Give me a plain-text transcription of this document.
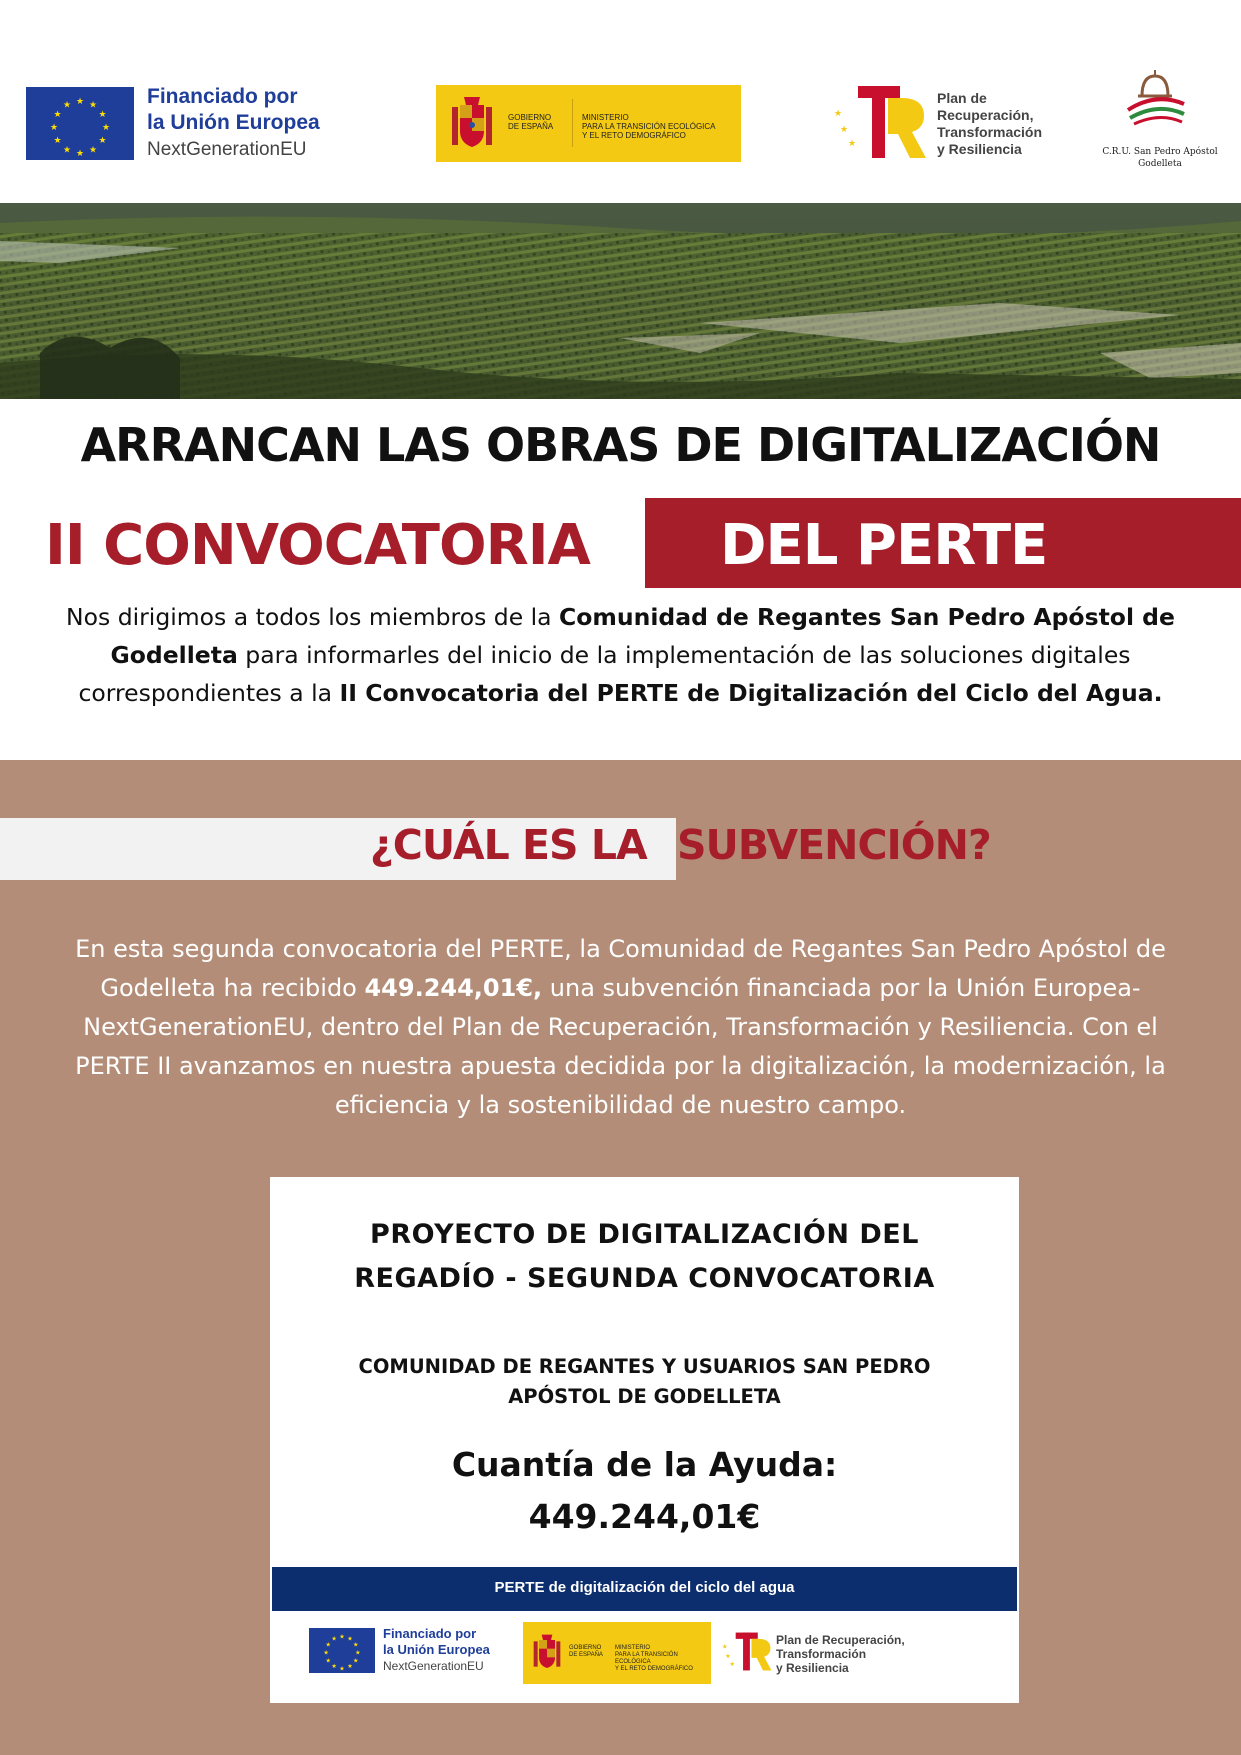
★ ★
★
★
★
★
★
★
★
★
★
★	Financiado por
la Unión Europea
NextGenerationEU
GOBIERNO
DE ESPAÑA
MINISTERIO
PARA LA TRANSICIÓN ECOLÓGICA
Y EL RETO DEMOGRÁFICO
★
★
★
Plan de
Recuperación,
Transformación
y Resiliencia	C.R.U. San Pedro Apóstol
Godelleta
ARRANCAN LAS OBRAS DE DIGITALIZACIÓN
II CONVOCATORIA DEL PERTE
Nos dirigimos a todos los miembros de la Comunidad de Regantes San Pedro Apóstol de Godelleta para informarles del inicio de la implementación de las soluciones digitales correspondientes a la II Convocatoria del PERTE de Digitalización del Ciclo del Agua.
¿CUÁL ES LA SUBVENCIÓN?
En esta segunda convocatoria del PERTE, la Comunidad de Regantes San Pedro Apóstol de Godelleta ha recibido 449.244,01€, una subvención financiada por la Unión Europea-NextGenerationEU, dentro del Plan de Recuperación, Transformación y Resiliencia. Con el PERTE II avanzamos en nuestra apuesta decidida por la digitalización, la modernización, la eficiencia y la sostenibilidad de nuestro campo.
PROYECTO DE DIGITALIZACIÓN DEL
REGADÍO - SEGUNDA CONVOCATORIA
COMUNIDAD DE REGANTES Y USUARIOS SAN PEDRO
APÓSTOL DE GODELLETA
Cuantía de la Ayuda:
449.244,01€
PERTE de digitalización del ciclo del agua
★ ★
★
★
★
★
★
★
★
★
★
★	Financiado por
la Unión Europea
NextGenerationEU
GOBIERNO
DE ESPAÑA
MINISTERIO
PARA LA TRANSICIÓN ECOLÓGICA
Y EL RETO DEMOGRÁFICO
★
★
★
Plan de Recuperación,
Transformación
y Resiliencia
